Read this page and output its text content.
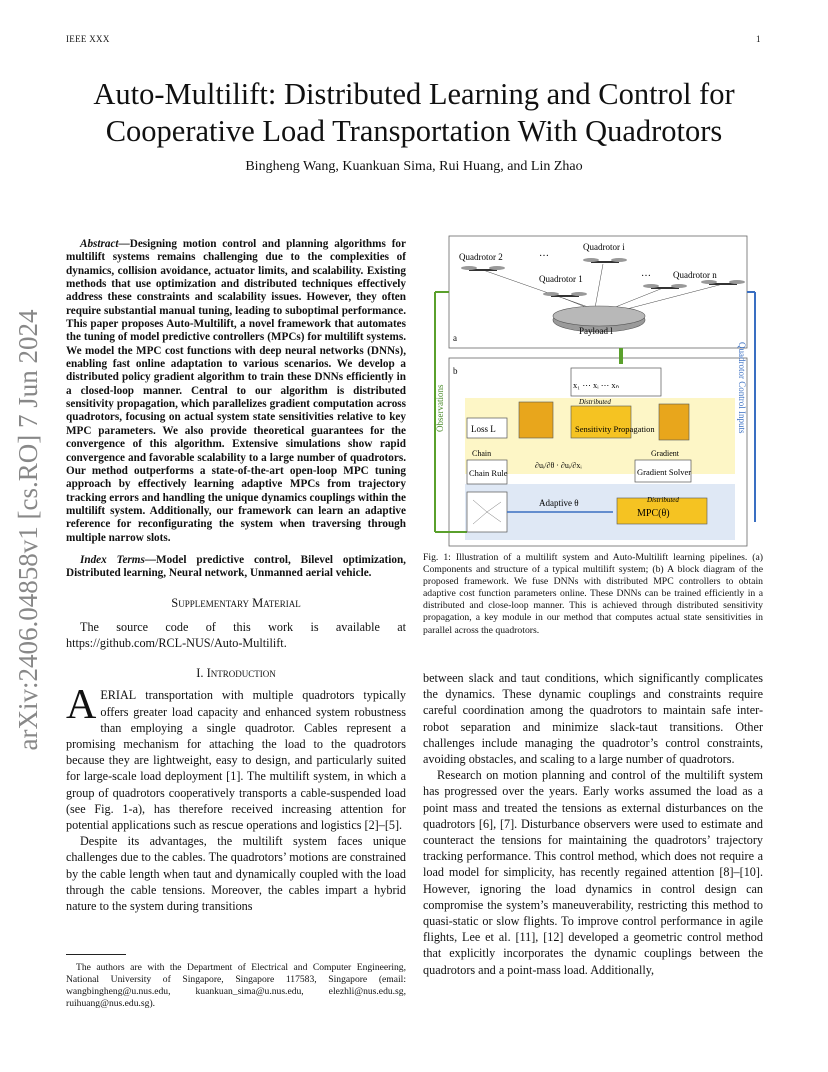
IEEE XXX	1
arXiv:2406.04858v1 [cs.RO] 7 Jun 2024
Auto-Multilift: Distributed Learning and Control for
Cooperative Load Transportation With Quadrotors
Bingheng Wang, Kuankuan Sima, Rui Huang, and Lin Zhao

Abstract—Designing motion control and planning algorithms for multilift systems remains challenging due to the complexities of dynamics, collision avoidance, actuator limits, and scalability. Existing methods that use optimization and distributed techniques effectively address these constraints and scalability issues. However, they often require substantial manual tuning, leading to suboptimal performance. This paper proposes Auto-Multilift, a novel framework that automates the tuning of model predictive controllers (MPCs) for multilift systems. We model the MPC cost functions with deep neural networks (DNNs), enabling fast online adaptation to various scenarios. We develop a distributed policy gradient algorithm to train these DNNs efficiently in a closed-loop manner. Central to our algorithm is distributed sensitivity propagation, which parallelizes gradient computation across quadrotors, focusing on actual system state sensitivities relative to key MPC parameters. We also provide theoretical guarantees for the convergence of this algorithm. Extensive simulations show rapid convergence and favorable scalability to a large number of quadrotors. Our method outperforms a state-of-the-art open-loop MPC tuning approach by effectively learning adaptive MPCs from trajectory tracking errors and handling the unique dynamics couplings within the multilift system. Additionally, our framework can learn an adaptive reference for reconfigurating the system when traversing through multiple narrow slots.

Index Terms—Model predictive control, Bilevel optimization, Distributed learning, Neural network, Unmanned aerial vehicle.

Supplementary Material

The source code of this work is available at https://github.com/RCL-NUS/Auto-Multilift.

I. Introduction

AERIAL transportation with multiple quadrotors typically offers greater load capacity and enhanced system robustness than employing a single quadrotor. Cables represent a promising mechanism for attaching the load to the quadrotors because they are lightweight, easy to design, and particularly suited for large-scale load deployment [1]. The multilift system, in which a group of quadrotors cooperatively transports a cable-suspended load (see Fig. 1-a), has therefore received increasing attention for potential applications such as rescue operations and logistics [2]–[5].

Despite its advantages, the multilift system faces unique challenges due to the cables. The quadrotors’ motions are constrained by the cable length when taut and dynamically coupled with the load through the cable tensions. Moreover, the cables impart a hybrid nature to the system during transitions

The authors are with the Department of Electrical and Computer Engineering, National University of Singapore, Singapore 117583, Singapore (email: wangbingheng@u.nus.edu, kuankuan_sima@u.nus.edu, elezhli@nus.edu.sg, ruihuang@nus.edu.sg).
a
Quadrotor 2
Quadrotor i
Quadrotor 1	Quadrotor n
…
…
Payload l
b
Observations	Quadrotor Control Inputs
x₁ ⋯ xᵢ ⋯ xₙ
Loss L
Distributed
Sensitivity Propagation
Chain
Chain Rule
Gradient
Gradient Solver
∂uᵢ/∂θ · ∂uᵢ/∂xᵢ
Adaptive θ	Distributed
MPC(θ)
Fig. 1: Illustration of a multilift system and Auto-Multilift learning pipelines. (a) Components and structure of a typical multilift system; (b) A block diagram of the proposed framework. We fuse DNNs with distributed MPC controllers to obtain adaptive cost function parameters online. These DNNs can be trained efficiently in a distributed and close-loop manner. This is achieved through distributed sensitivity propagation, a key module in our method that computes actual state sensitivities in parallel across the quadrotors.

between slack and taut conditions, which significantly complicates the dynamics. These dynamic couplings and constraints require careful coordination among the quadrotors to maintain safe inter-robot separation and minimize slack-taut transitions. Other challenges include managing the quadrotor’s control constraints, avoiding obstacles, and scaling to a large number of quadrotors.

Research on motion planning and control of the multilift system has progressed over the years. Early works assumed the load as a point mass and treated the tensions as external disturbances on the quadrotors [6], [7]. Disturbance observers were used to estimate and counteract the tensions for maintaining the quadrotors’ trajectory tracking performance. This control method, which does not require a load model for simplicity, has recently regained attention [8]–[10]. However, ignoring the load dynamics in control design can compromise the system’s maneuverability, restricting this method to quasi-static or slow flights. To improve control performance in agile flights, Lee et al. [11], [12] developed a geometric control method that explicitly incorporates the dynamic couplings between the quadrotors and a point-mass load. Additionally,
